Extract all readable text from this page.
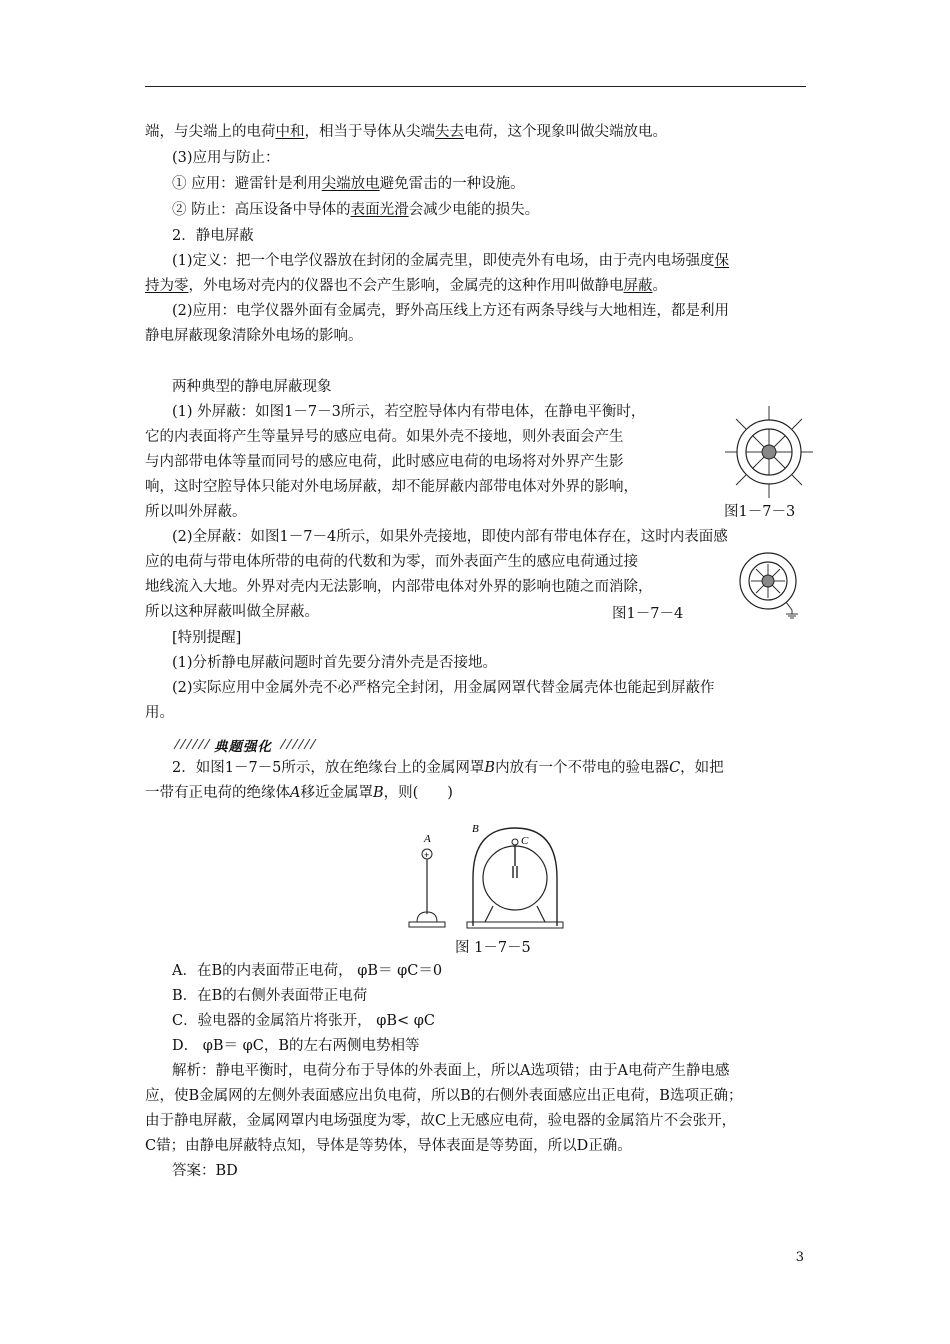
端，与尖端上的电荷中和，相当于导体从尖端失去电荷，这个现象叫做尖端放电。
(3)应用与防止：
① 应用：避雷针是利用尖端放电避免雷击的一种设施。
② 防止：高压设备中导体的表面光滑会减少电能的损失。
2．静电屏蔽
(1)定义：把一个电学仪器放在封闭的金属壳里，即使壳外有电场，由于壳内电场强度保
持为零，外电场对壳内的仪器也不会产生影响，金属壳的这种作用叫做静电屏蔽。
(2)应用：电学仪器外面有金属壳，野外高压线上方还有两条导线与大地相连，都是利用
静电屏蔽现象清除外电场的影响。
两种典型的静电屏蔽现象
(1) 外屏蔽：如图1－7－3所示，若空腔导体内有带电体，在静电平衡时，
它的内表面将产生等量异号的感应电荷。如果外壳不接地，则外表面会产生
与内部带电体等量而同号的感应电荷，此时感应电荷的电场将对外界产生影
响，这时空腔导体只能对外电场屏蔽，却不能屏蔽内部带电体对外界的影响，
所以叫外屏蔽。	图1－7－3
(2)全屏蔽：如图1－7－4所示，如果外壳接地，即使内部有带电体存在，这时内表面感
应的电荷与带电体所带的电荷的代数和为零，而外表面产生的感应电荷通过接
地线流入大地。外界对壳内无法影响，内部带电体对外界的影响也随之而消除，
所以这种屏蔽叫做全屏蔽。	图1－7－4
[特别提醒]
(1)分析静电屏蔽问题时首先要分清外壳是否接地。
(2)实际应用中金属外壳不必严格完全封闭，用金属网罩代替金属壳体也能起到屏蔽作
用。
典题强化
2．如图1－7－5所示，放在绝缘台上的金属网罩B内放有一个不带电的验电器C，如把
一带有正电荷的绝缘体A移近金属罩B，则(　　)
A
+
B
C
图 1－7－5
A．在B的内表面带正电荷， φB＝ φC＝0
B．在B的右侧外表面带正电荷
C．验电器的金属箔片将张开， φB< φC
D． φB＝ φC，B的左右两侧电势相等
解析：静电平衡时，电荷分布于导体的外表面上，所以A选项错；由于A电荷产生静电感
应，使B金属网的左侧外表面感应出负电荷，所以B的右侧外表面感应出正电荷，B选项正确；
由于静电屏蔽，金属网罩内电场强度为零，故C上无感应电荷，验电器的金属箔片不会张开，
C错；由静电屏蔽特点知，导体是等势体，导体表面是等势面，所以D正确。
答案：BD
3
